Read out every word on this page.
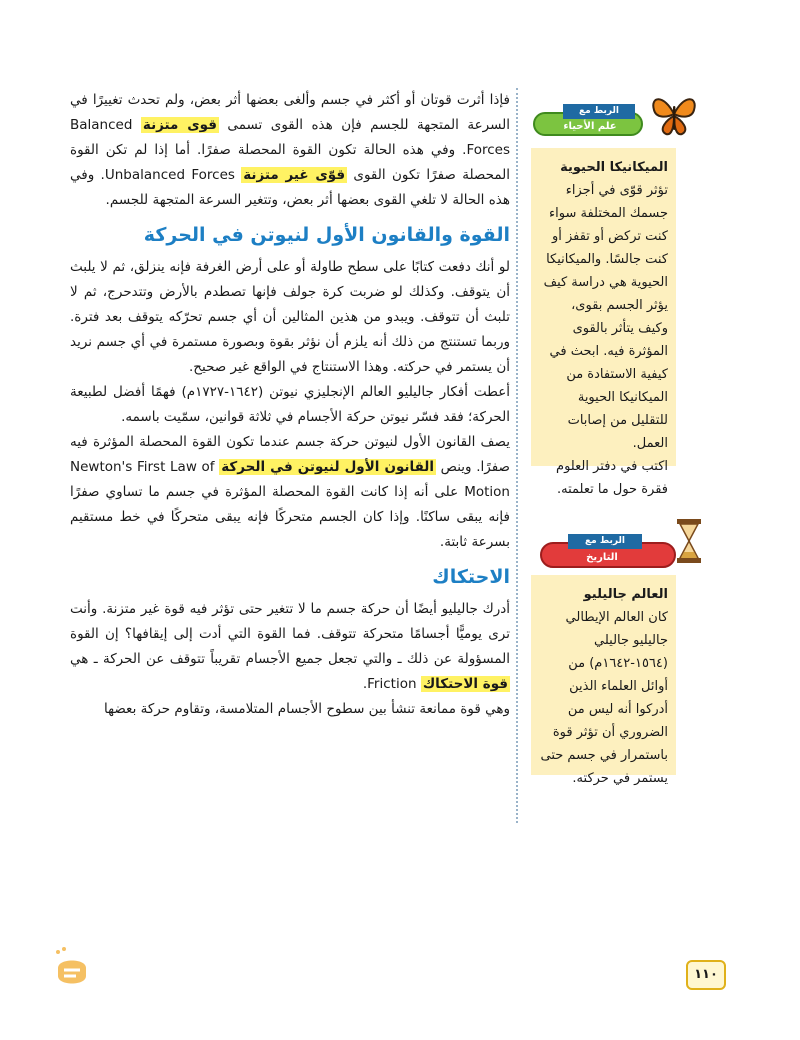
فإذا أثرت قوتان أو أكثر في جسم وألغى بعضها أثر بعض، ولم تحدث تغييرًا في السرعة المتجهة للجسم فإن هذه القوى تسمى قوى متزنة Balanced Forces. وفي هذه الحالة تكون القوة المحصلة صفرًا. أما إذا لم تكن القوة المحصلة صفرًا تكون القوى قوّى غير متزنة Unbalanced Forces. وفي هذه الحالة لا تلغي القوى بعضها أثر بعض، وتتغير السرعة المتجهة للجسم.

القوة والقانون الأول لنيوتن في الحركة

لو أنك دفعت كتابًا على سطح طاولة أو على أرض الغرفة فإنه ينزلق، ثم لا يلبث أن يتوقف. وكذلك لو ضربت كرة جولف فإنها تصطدم بالأرض وتتدحرج، ثم لا تلبث أن تتوقف. ويبدو من هذين المثالين أن أي جسم تحرّكه يتوقف بعد فترة. وربما تستنتج من ذلك أنه يلزم أن نؤثر بقوة وبصورة مستمرة في أي جسم نريد أن يستمر في حركته. وهذا الاستنتاج في الواقع غير صحيح.

أعطت أفكار جاليليو العالم الإنجليزي نيوتن (١٦٤٢-١٧٢٧م) فهمًا أفضل لطبيعة الحركة؛ فقد فسّر نيوتن حركة الأجسام في ثلاثة قوانين، سمّيت باسمه.

يصف القانون الأول لنيوتن حركة جسم عندما تكون القوة المحصلة المؤثرة فيه صفرًا. وينص القانون الأول لنيوتن في الحركة Newton's First Law of Motion على أنه إذا كانت القوة المحصلة المؤثرة في جسم ما تساوي صفرًا فإنه يبقى ساكنًا. وإذا كان الجسم متحركًا فإنه يبقى متحركًا في خط مستقيم بسرعة ثابتة.

الاحتكاك

أدرك جاليليو أيضًا أن حركة جسم ما لا تتغير حتى تؤثر فيه قوة غير متزنة. وأنت ترى يوميًّا أجسامًا متحركة تتوقف. فما القوة التي أدت إلى إيقافها؟ إن القوة المسؤولة عن ذلك ـ والتي تجعل جميع الأجسام تقريباً تتوقف عن الحركة ـ هي قوة الاحتكاك Friction.

وهي قوة ممانعة تنشأ بين سطوح الأجسام المتلامسة، وتقاوم حركة بعضها

الربط مع
علم الأحياء

الميكانيكا الحيوية تؤثر قوّى في أجزاء جسمك المختلفة سواء كنت تركض أو تقفز أو كنت جالسًا. والميكانيكا الحيوية هي دراسة كيف يؤثر الجسم بقوى، وكيف يتأثر بالقوى المؤثرة فيه. ابحث في كيفية الاستفادة من الميكانيكا الحيوية للتقليل من إصابات العمل.

اكتب في دفتر العلوم فقرة حول ما تعلمته.

الربط مع
التاريخ

العالم جاليليو

كان العالم الإيطالي جاليليو جاليلي (١٥٦٤-١٦٤٢م) من أوائل العلماء الذين أدركوا أنه ليس من الضروري أن تؤثر قوة باستمرار في جسم حتى يستمر في حركته.

١١٠
